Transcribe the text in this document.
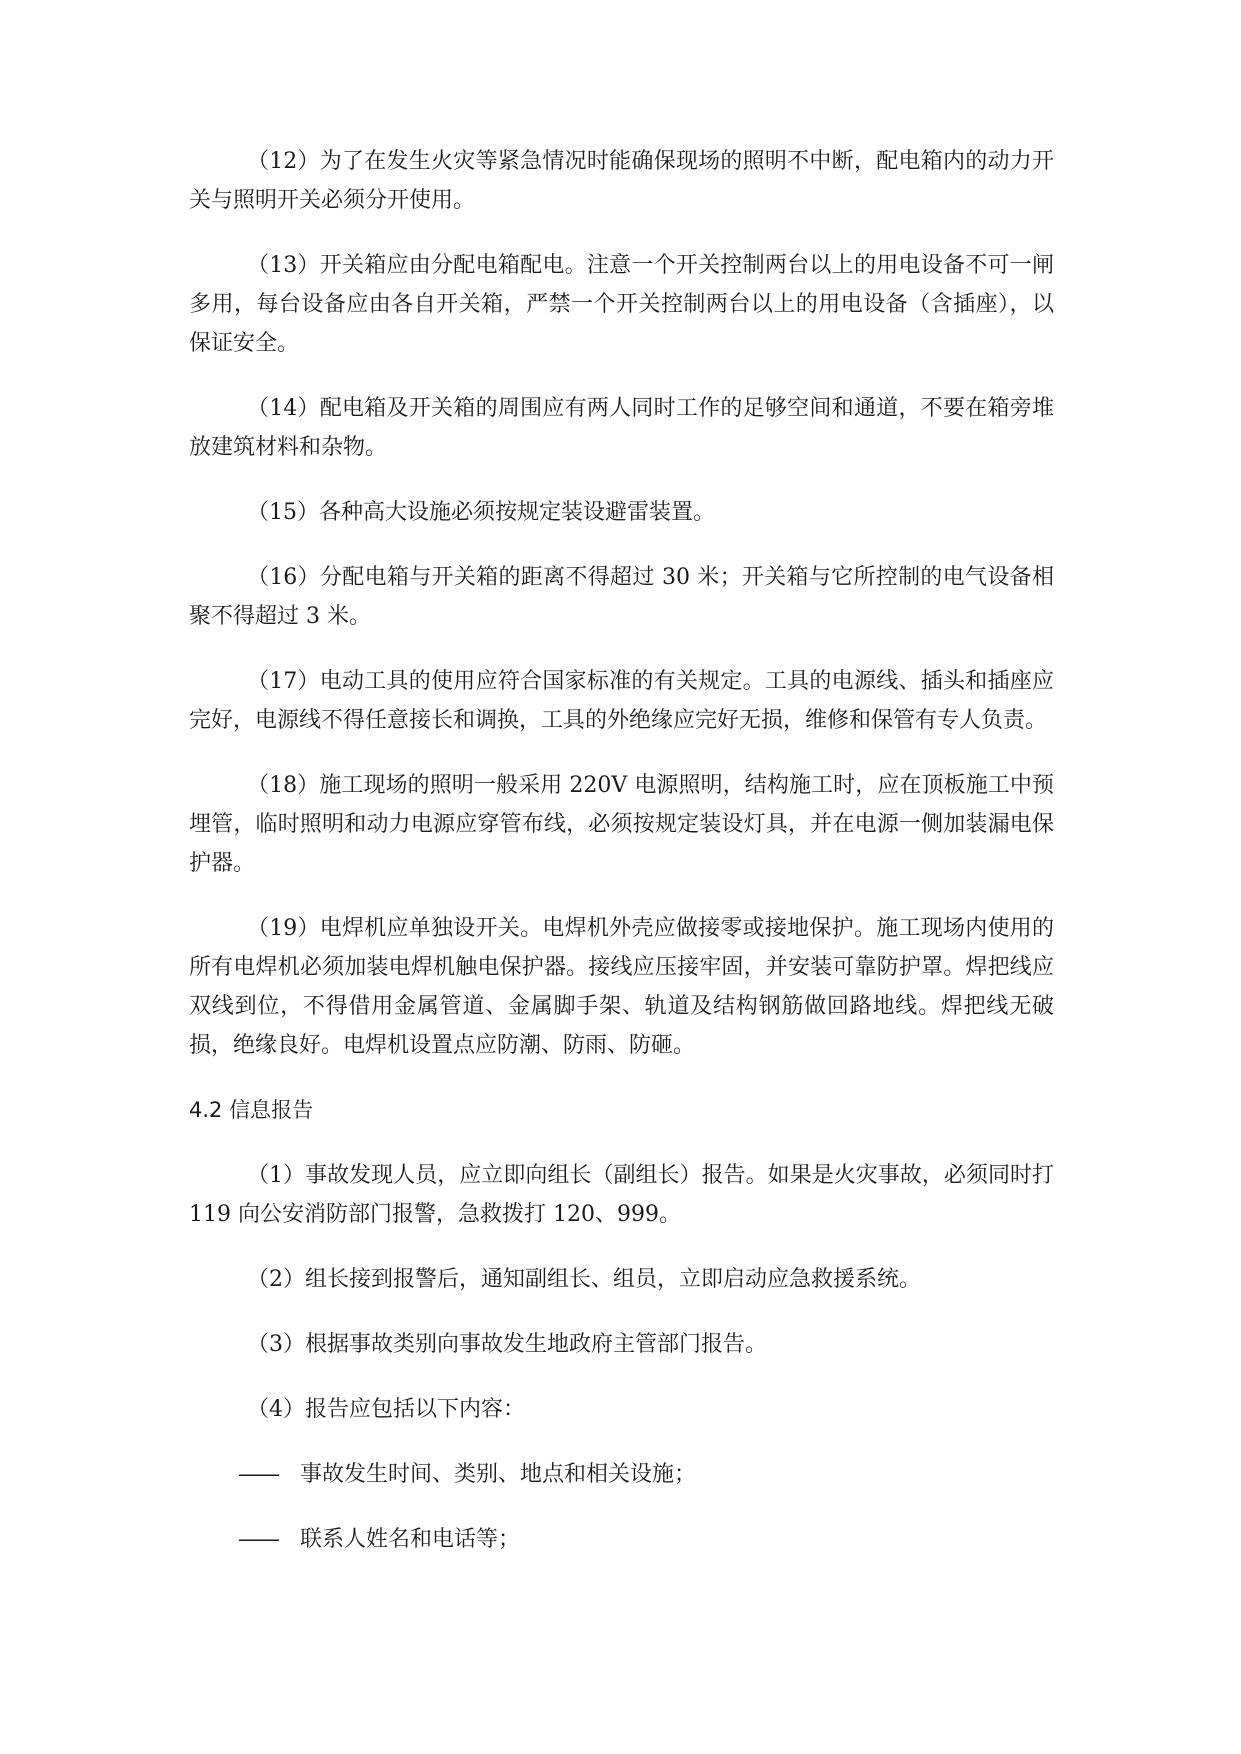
（12）为了在发生火灾等紧急情况时能确保现场的照明不中断，配电箱内的动力开关与照明开关必须分开使用。

（13）开关箱应由分配电箱配电。注意一个开关控制两台以上的用电设备不可一闸多用，每台设备应由各自开关箱，严禁一个开关控制两台以上的用电设备（含插座），以保证安全。

（14）配电箱及开关箱的周围应有两人同时工作的足够空间和通道，不要在箱旁堆放建筑材料和杂物。

（15）各种高大设施必须按规定装设避雷装置。

（16）分配电箱与开关箱的距离不得超过 30 米；开关箱与它所控制的电气设备相聚不得超过 3 米。

（17）电动工具的使用应符合国家标准的有关规定。工具的电源线、插头和插座应完好，电源线不得任意接长和调换，工具的外绝缘应完好无损，维修和保管有专人负责。

（18）施工现场的照明一般采用 220V 电源照明，结构施工时，应在顶板施工中预埋管，临时照明和动力电源应穿管布线，必须按规定装设灯具，并在电源一侧加装漏电保护器。

（19）电焊机应单独设开关。电焊机外壳应做接零或接地保护。施工现场内使用的所有电焊机必须加装电焊机触电保护器。接线应压接牢固，并安装可靠防护罩。焊把线应双线到位，不得借用金属管道、金属脚手架、轨道及结构钢筋做回路地线。焊把线无破损，绝缘良好。电焊机设置点应防潮、防雨、防砸。

4.2 信息报告

（1）事故发现人员，应立即向组长（副组长）报告。如果是火灾事故，必须同时打 119 向公安消防部门报警，急救拨打 120、999。

（2）组长接到报警后，通知副组长、组员，立即启动应急救援系统。

（3）根据事故类别向事故发生地政府主管部门报告。

（4）报告应包括以下内容：

—— 事故发生时间、类别、地点和相关设施；
—— 联系人姓名和电话等；
